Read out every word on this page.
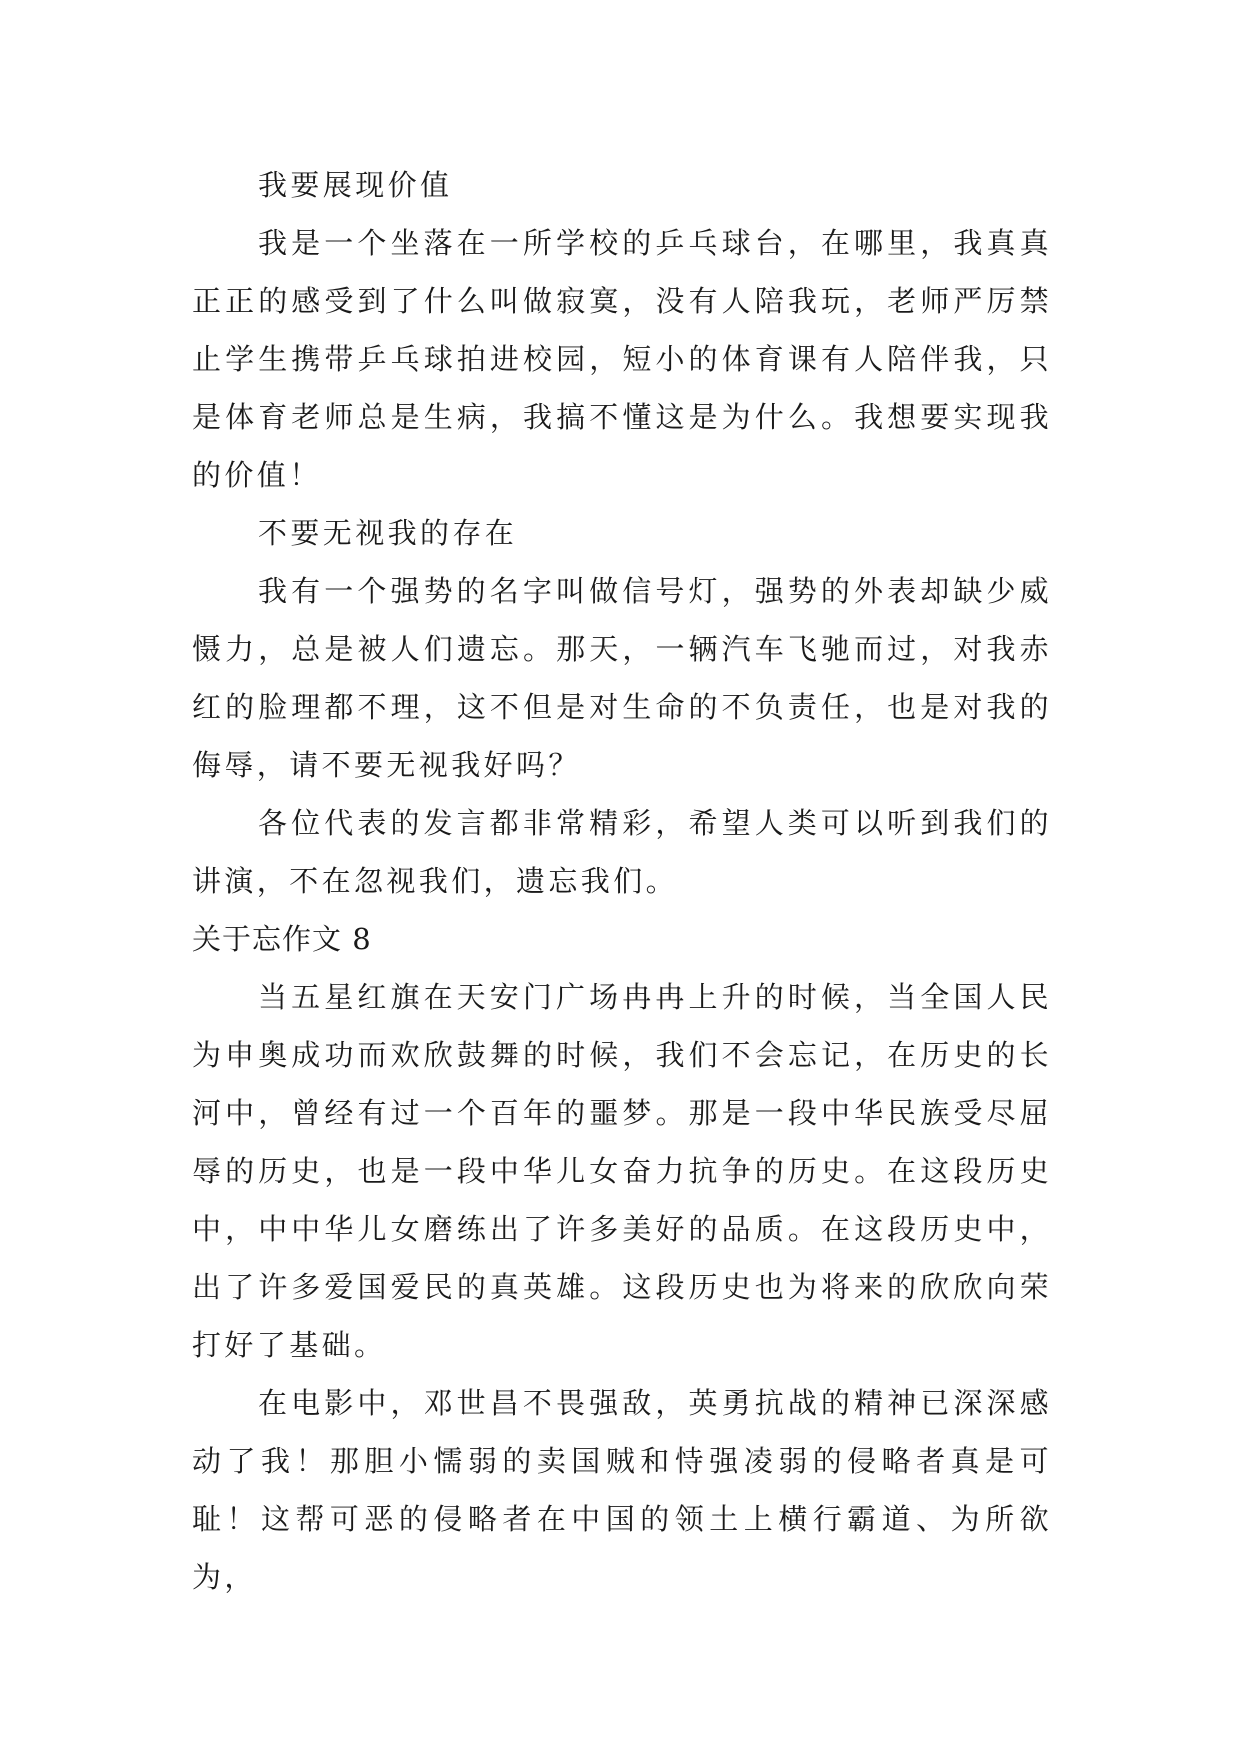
我要展现价值

我是一个坐落在一所学校的乒乓球台，在哪里，我真真正正的感受到了什么叫做寂寞，没有人陪我玩，老师严厉禁止学生携带乒乓球拍进校园，短小的体育课有人陪伴我，只是体育老师总是生病，我搞不懂这是为什么。我想要实现我的价值！

不要无视我的存在

我有一个强势的名字叫做信号灯，强势的外表却缺少威慑力，总是被人们遗忘。那天，一辆汽车飞驰而过，对我赤红的脸理都不理，这不但是对生命的不负责任，也是对我的侮辱，请不要无视我好吗？

各位代表的发言都非常精彩，希望人类可以听到我们的讲演，不在忽视我们，遗忘我们。

关于忘作文 8

当五星红旗在天安门广场冉冉上升的时候，当全国人民为申奥成功而欢欣鼓舞的时候，我们不会忘记，在历史的长河中，曾经有过一个百年的噩梦。那是一段中华民族受尽屈辱的历史，也是一段中华儿女奋力抗争的历史。在这段历史中，中中华儿女磨练出了许多美好的品质。在这段历史中，出了许多爱国爱民的真英雄。这段历史也为将来的欣欣向荣打好了基础。

在电影中，邓世昌不畏强敌，英勇抗战的精神已深深感动了我！那胆小懦弱的卖国贼和恃强凌弱的侵略者真是可耻！这帮可恶的侵略者在中国的领土上横行霸道、为所欲为，
